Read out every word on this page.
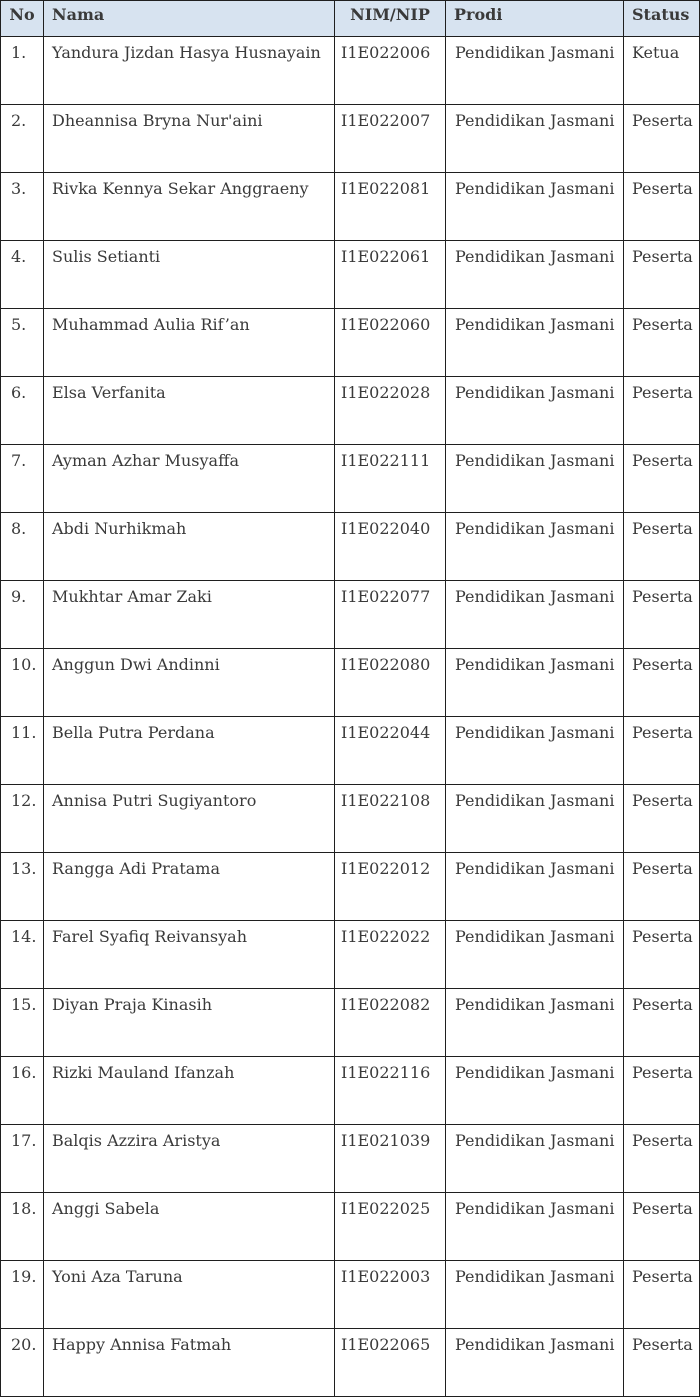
No	Nama	NIM/NIP	Prodi	Status
1.	Yandura Jizdan Hasya Husnayain	I1E022006	Pendidikan Jasmani	Ketua
2.	Dheannisa Bryna Nur'aini	I1E022007	Pendidikan Jasmani	Peserta
3.	Rivka Kennya Sekar Anggraeny	I1E022081	Pendidikan Jasmani	Peserta
4.	Sulis Setianti	I1E022061	Pendidikan Jasmani	Peserta
5.	Muhammad Aulia Rif’an	I1E022060	Pendidikan Jasmani	Peserta
6.	Elsa Verfanita	I1E022028	Pendidikan Jasmani	Peserta
7.	Ayman Azhar Musyaffa	I1E022111	Pendidikan Jasmani	Peserta
8.	Abdi Nurhikmah	I1E022040	Pendidikan Jasmani	Peserta
9.	Mukhtar Amar Zaki	I1E022077	Pendidikan Jasmani	Peserta
10.	Anggun Dwi Andinni	I1E022080	Pendidikan Jasmani	Peserta
11.	Bella Putra Perdana	I1E022044	Pendidikan Jasmani	Peserta
12.	Annisa Putri Sugiyantoro	I1E022108	Pendidikan Jasmani	Peserta
13.	Rangga Adi Pratama	I1E022012	Pendidikan Jasmani	Peserta
14.	Farel Syafiq Reivansyah	I1E022022	Pendidikan Jasmani	Peserta
15.	Diyan Praja Kinasih	I1E022082	Pendidikan Jasmani	Peserta
16.	Rizki Mauland Ifanzah	I1E022116	Pendidikan Jasmani	Peserta
17.	Balqis Azzira Aristya	I1E021039	Pendidikan Jasmani	Peserta
18.	Anggi Sabela	I1E022025	Pendidikan Jasmani	Peserta
19.	Yoni Aza Taruna	I1E022003	Pendidikan Jasmani	Peserta
20.	Happy Annisa Fatmah	I1E022065	Pendidikan Jasmani	Peserta
